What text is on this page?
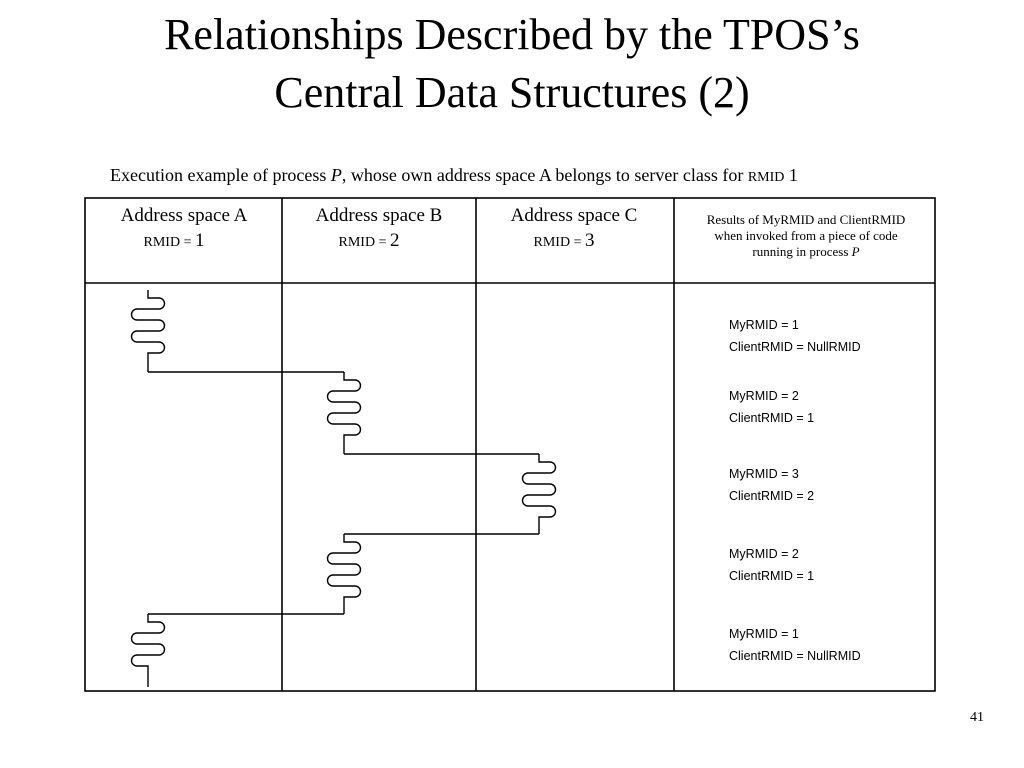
Relationships Described by the TPOS’s
Central Data Structures (2)
Execution example of process P, whose own address space A belongs to server class for RMID 1
Address space A
RMID = 1
Address space B
RMID = 2
Address space C
RMID = 3
Results of MyRMID and ClientRMID
when invoked from a piece of code
running in process P
MyRMID = 1
ClientRMID = NullRMID
MyRMID = 2
ClientRMID = 1
MyRMID = 3
ClientRMID = 2
MyRMID = 2
ClientRMID = 1
MyRMID = 1
ClientRMID = NullRMID
41
